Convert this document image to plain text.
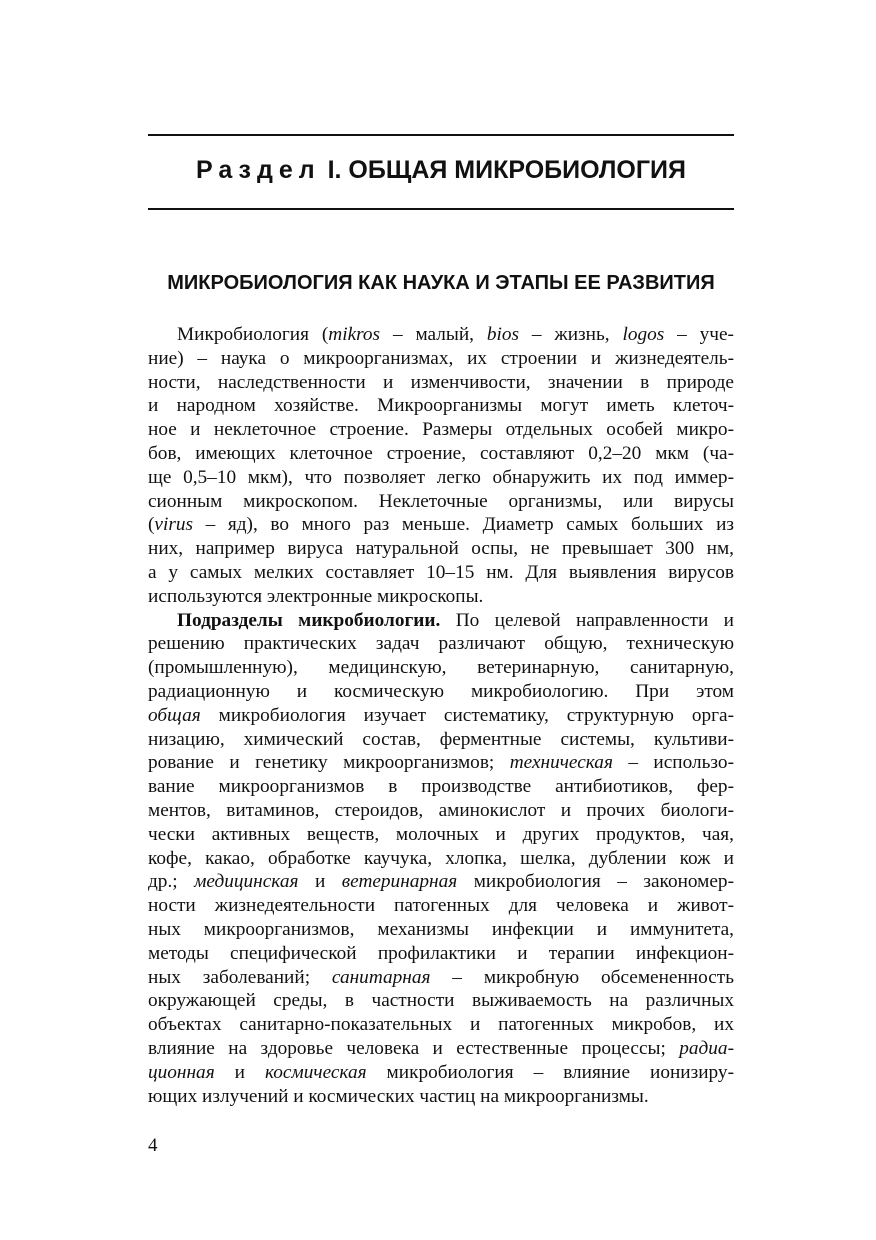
Раздел I. ОБЩАЯ МИКРОБИОЛОГИЯ
МИКРОБИОЛОГИЯ КАК НАУКА И ЭТАПЫ ЕЕ РАЗВИТИЯ
Микробиология (mikros – малый, bios – жизнь, logos – уче-
ние) – наука о микроорганизмах, их строении и жизнедеятель-
ности, наследственности и изменчивости, значении в природе
и народном хозяйстве. Микроорганизмы могут иметь клеточ-
ное и неклеточное строение. Размеры отдельных особей микро-
бов, имеющих клеточное строение, составляют 0,2–20 мкм (ча-
ще 0,5–10 мкм), что позволяет легко обнаружить их под иммер-
сионным микроскопом. Неклеточные организмы, или вирусы
(virus – яд), во много раз меньше. Диаметр самых больших из
них, например вируса натуральной оспы, не превышает 300 нм,
а у самых мелких составляет 10–15 нм. Для выявления вирусов
используются электронные микроскопы.
Подразделы микробиологии. По целевой направленности и
решению практических задач различают общую, техническую
(промышленную), медицинскую, ветеринарную, санитарную,
радиационную и космическую микробиологию. При этом
общая микробиология изучает систематику, структурную орга-
низацию, химический состав, ферментные системы, культиви-
рование и генетику микроорганизмов; техническая – использо-
вание микроорганизмов в производстве антибиотиков, фер-
ментов, витаминов, стероидов, аминокислот и прочих биологи-
чески активных веществ, молочных и других продуктов, чая,
кофе, какао, обработке каучука, хлопка, шелка, дублении кож и
др.; медицинская и ветеринарная микробиология – закономер-
ности жизнедеятельности патогенных для человека и живот-
ных микроорганизмов, механизмы инфекции и иммунитета,
методы специфической профилактики и терапии инфекцион-
ных заболеваний; санитарная – микробную обсемененность
окружающей среды, в частности выживаемость на различных
объектах санитарно-показательных и патогенных микробов, их
влияние на здоровье человека и естественные процессы; радиа-
ционная и космическая микробиология – влияние ионизиру-
ющих излучений и космических частиц на микроорганизмы.
4
